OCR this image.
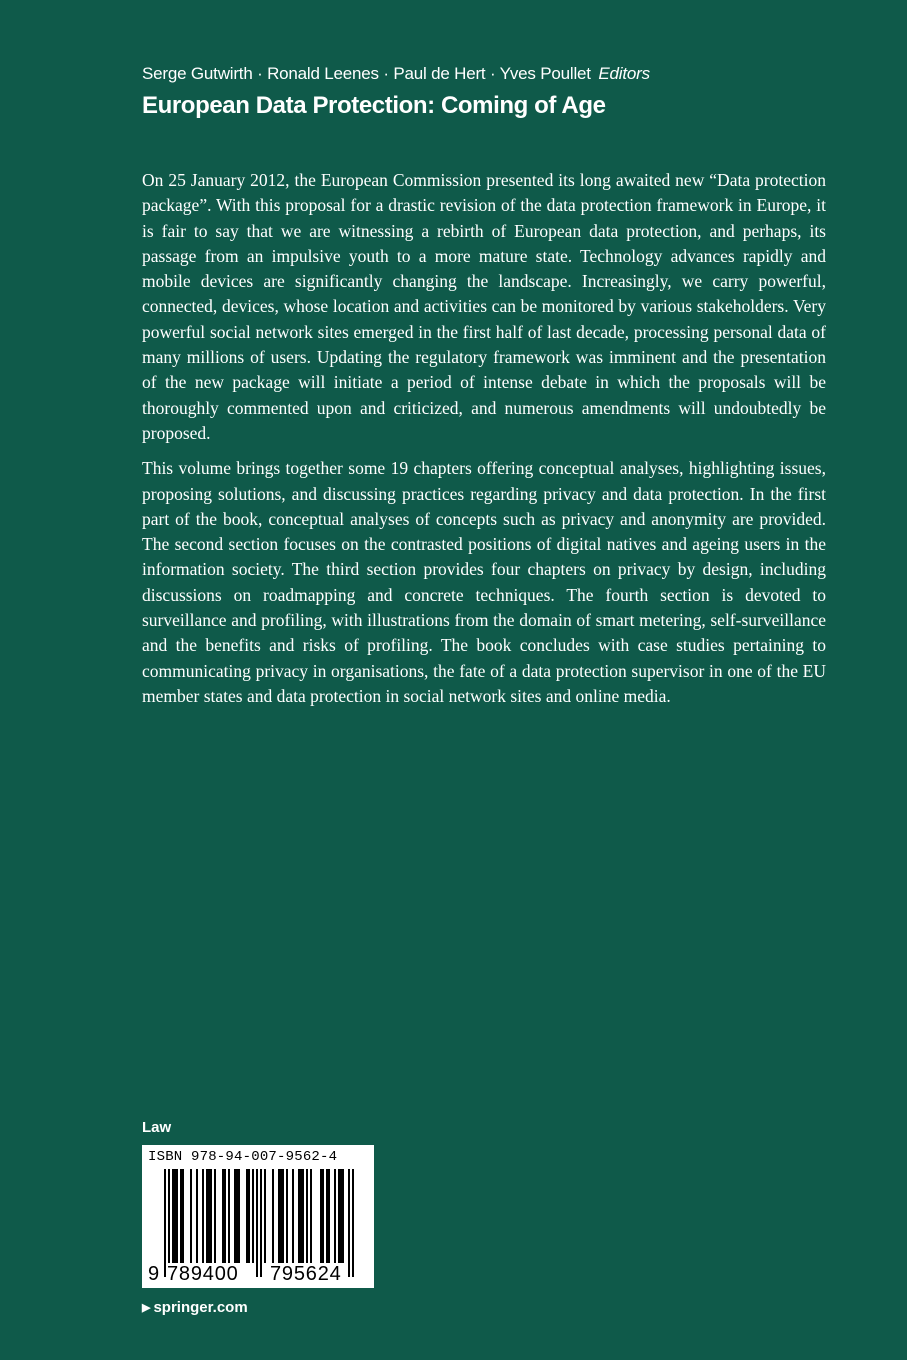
Serge Gutwirth · Ronald Leenes · Paul de Hert · Yves Poullet Editors
European Data Protection: Coming of Age

On 25 January 2012, the European Commission presented its long awaited new “Data protection package”. With this proposal for a drastic revision of the data protection framework in Europe, it is fair to say that we are witnessing a rebirth of European data protection, and perhaps, its passage from an impulsive youth to a more mature state. Technology advances rapidly and mobile devices are significantly changing the landscape. Increasingly, we carry powerful, connected, devices, whose location and activities can be monitored by various stakeholders. Very powerful social network sites emerged in the first half of last decade, processing personal data of many millions of users. Updating the regulatory framework was imminent and the presentation of the new package will initiate a period of intense debate in which the proposals will be thoroughly commented upon and criticized, and numerous amendments will undoubtedly be proposed.

This volume brings together some 19 chapters offering conceptual analyses, highlighting issues, proposing solutions, and discussing practices regarding privacy and data protection. In the first part of the book, conceptual analyses of concepts such as privacy and anonymity are provided. The second section focuses on the contrasted positions of digital natives and ageing users in the information society. The third section provides four chapters on privacy by design, including discussions on roadmapping and concrete techniques. The fourth section is devoted to surveillance and profiling, with illustrations from the domain of smart metering, self-surveillance and the benefits and risks of profiling. The book concludes with case studies pertaining to communicating privacy in organisations, the fate of a data protection supervisor in one of the EU member states and data protection in social network sites and online media.

Law
ISBN 978-94-007-9562-4
9 789400 795624
▶ springer.com
